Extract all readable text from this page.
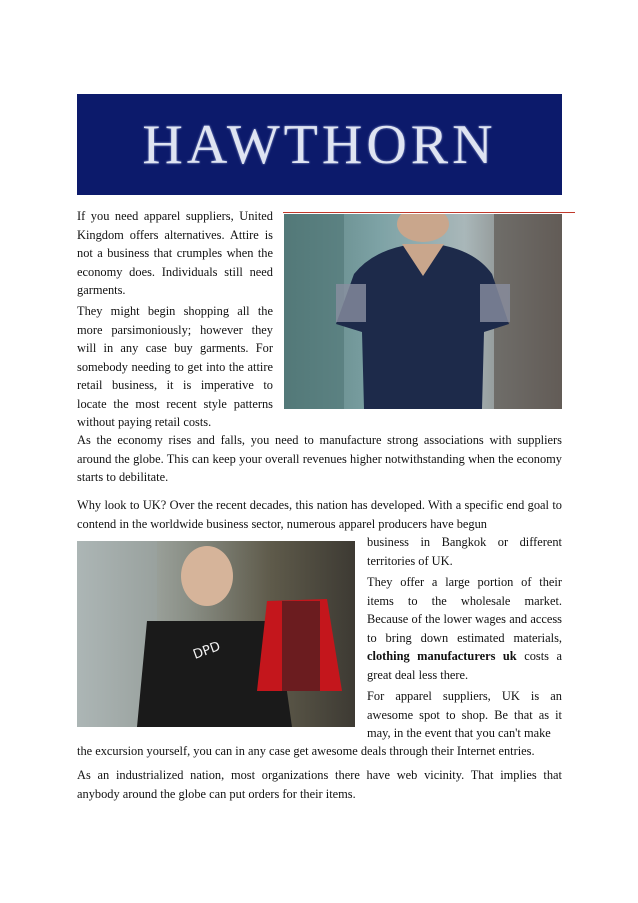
HAWTHORN
DPD

If you need apparel suppliers, United Kingdom offers alternatives. Attire is not a business that crumples when the economy does. Individuals still need garments.

They might begin shopping all the more parsimoniously; however they will in any case buy garments. For somebody needing to get into the attire retail business, it is imperative to locate the most recent style patterns without paying retail costs.

As the economy rises and falls, you need to manufacture strong associations with suppliers around the globe. This can keep your overall revenues higher notwithstanding when the economy starts to debilitate.

Why look to UK? Over the recent decades, this nation has developed. With a specific end goal to contend in the worldwide business sector, numerous apparel producers have begun

business in Bangkok or different territories of UK.

They offer a large portion of their items to the wholesale market. Because of the lower wages and access to bring down estimated materials, clothing manufacturers uk costs a great deal less there.

For apparel suppliers, UK is an awesome spot to shop. Be that as it may, in the event that you can't make

the excursion yourself, you can in any case get awesome deals through their Internet entries.

As an industrialized nation, most organizations there have web vicinity. That implies that anybody around the globe can put orders for their items.
